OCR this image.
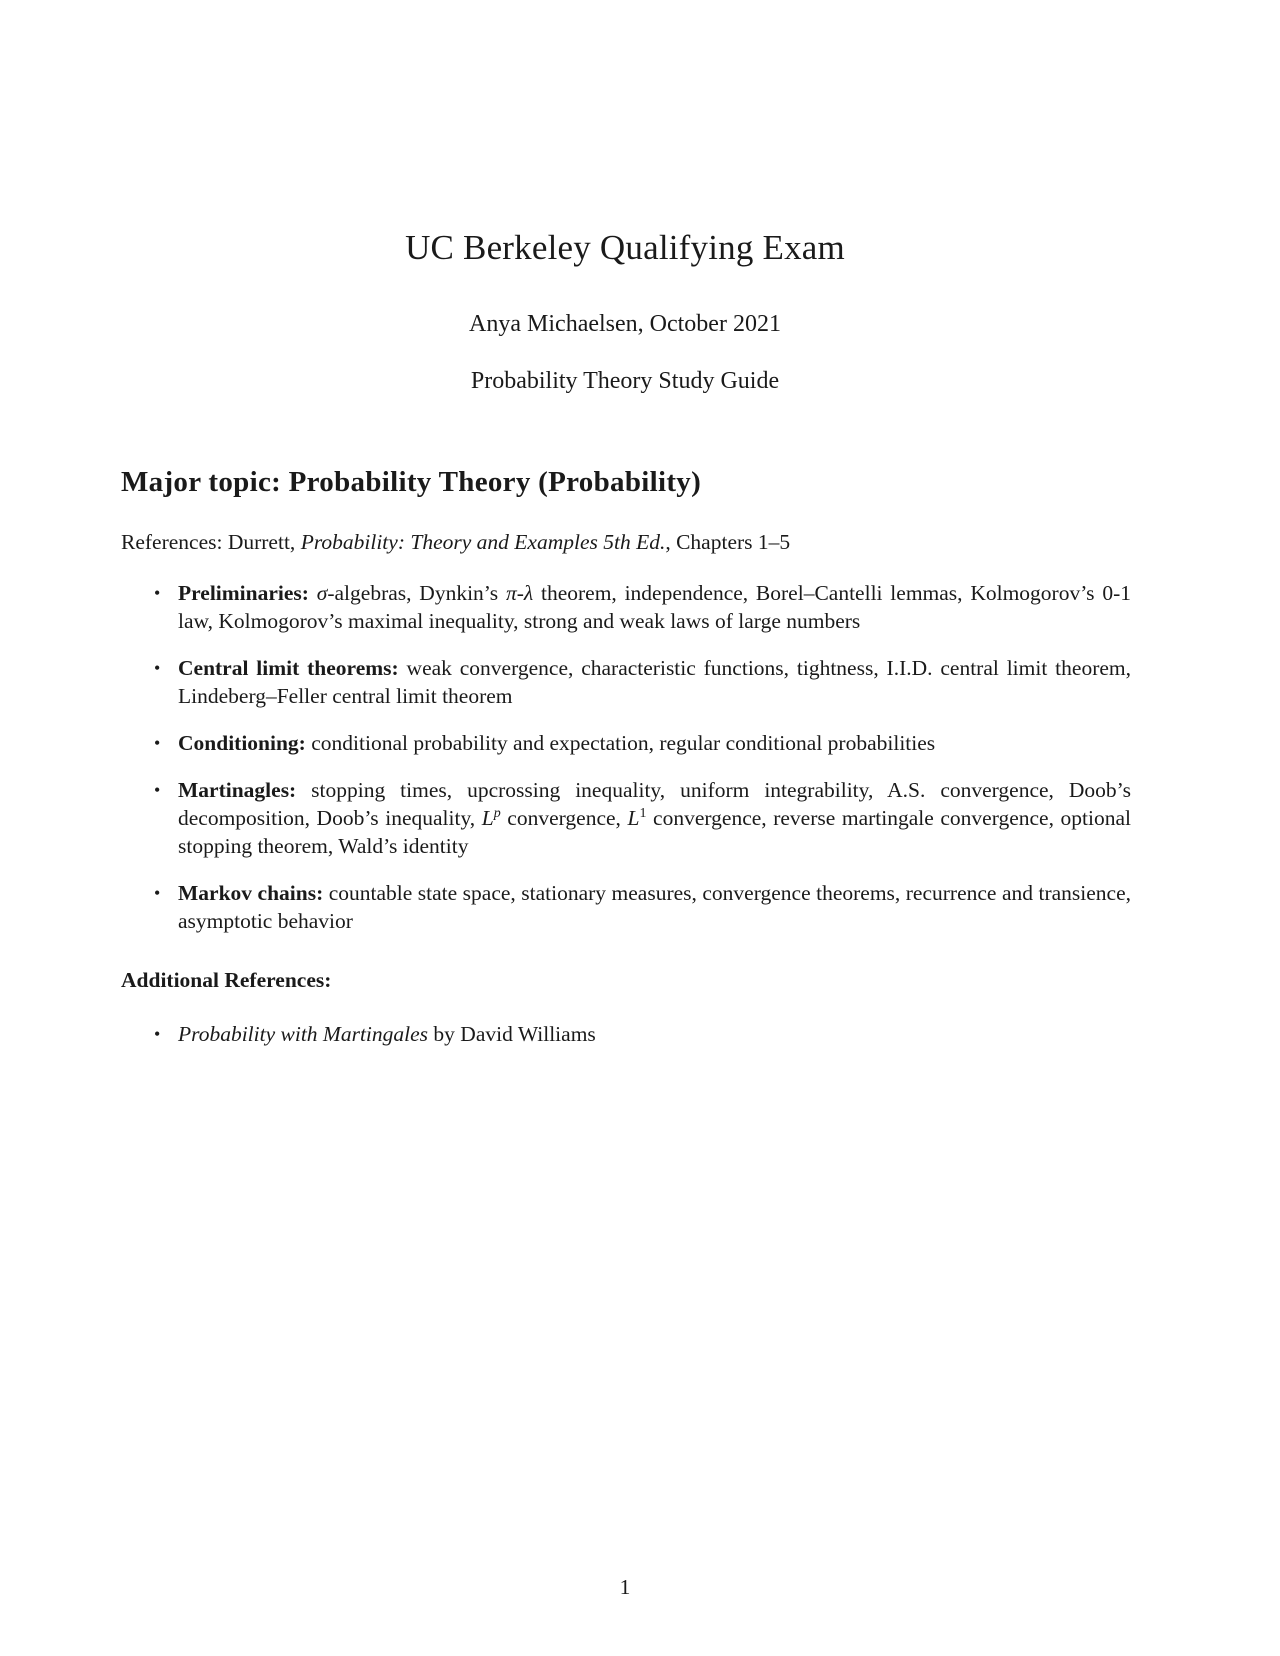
UC Berkeley Qualifying Exam
Anya Michaelsen, October 2021
Probability Theory Study Guide
Major topic: Probability Theory (Probability)
References: Durrett, Probability: Theory and Examples 5th Ed., Chapters 1–5
• Preliminaries: σ-algebras, Dynkin’s π-λ theorem, independence, Borel–Cantelli lemmas, Kolmogorov’s 0-1 law, Kolmogorov’s maximal inequality, strong and weak laws of large numbers
• Central limit theorems: weak convergence, characteristic functions, tightness, I.I.D. central limit theorem, Lindeberg–Feller central limit theorem
• Conditioning: conditional probability and expectation, regular conditional probabilities
• Martinagles: stopping times, upcrossing inequality, uniform integrability, A.S. convergence, Doob’s decomposition, Doob’s inequality, $L^p$ convergence, $L^1$ convergence, reverse martingale convergence, optional stopping theorem, Wald’s identity
• Markov chains: countable state space, stationary measures, convergence theorems, recurrence and transience, asymptotic behavior
Additional References:
• Probability with Martingales by David Williams
1
